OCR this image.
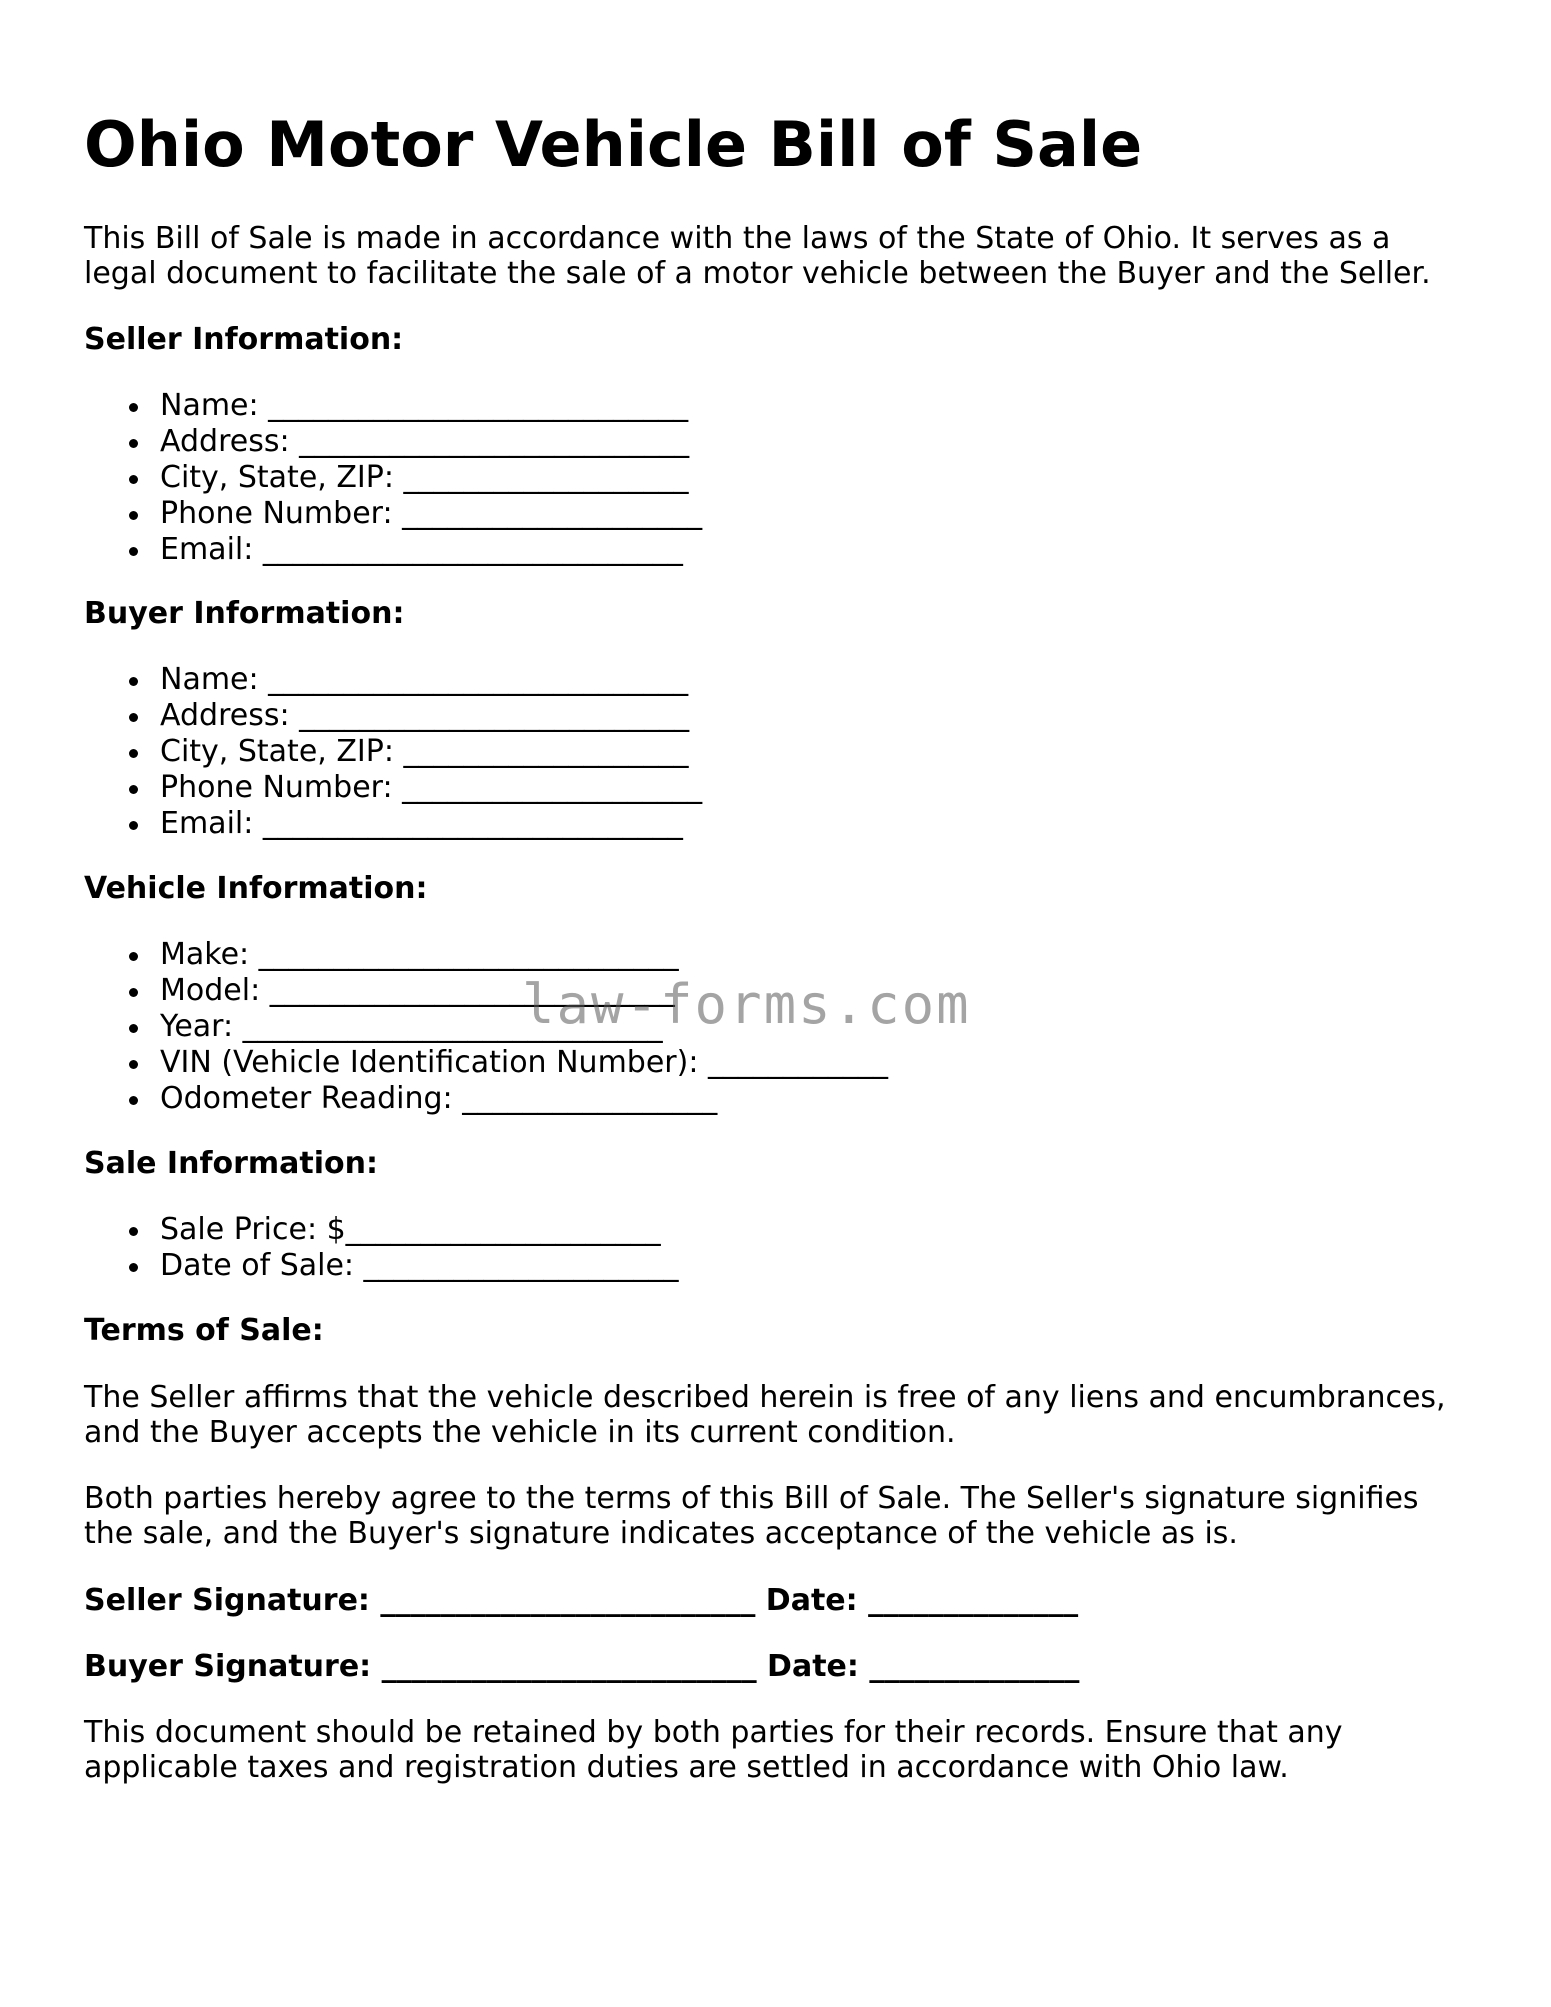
Ohio Motor Vehicle Bill of Sale

This Bill of Sale is made in accordance with the laws of the State of Ohio. It serves as a

legal document to facilitate the sale of a motor vehicle between the Buyer and the Seller.

Seller Information:

Name: ____________________________
Address: __________________________
City, State, ZIP: ___________________
Phone Number: ____________________
Email: ____________________________

Buyer Information:

Name: ____________________________
Address: __________________________
City, State, ZIP: ___________________
Phone Number: ____________________
Email: ____________________________

Vehicle Information:

Make: ____________________________
Model: ___________________________
Year: ____________________________
VIN (Vehicle Identification Number): ____________
Odometer Reading: _________________

Sale Information:

Sale Price: $_____________________
Date of Sale: _____________________

Terms of Sale:

The Seller affirms that the vehicle described herein is free of any liens and encumbrances,

and the Buyer accepts the vehicle in its current condition.

Both parties hereby agree to the terms of this Bill of Sale. The Seller's signature signifies

the sale, and the Buyer's signature indicates acceptance of the vehicle as is.

Seller Signature: _________________________ Date: ______________

Buyer Signature: _________________________ Date: ______________

This document should be retained by both parties for their records. Ensure that any

applicable taxes and registration duties are settled in accordance with Ohio law.

law-forms.com
